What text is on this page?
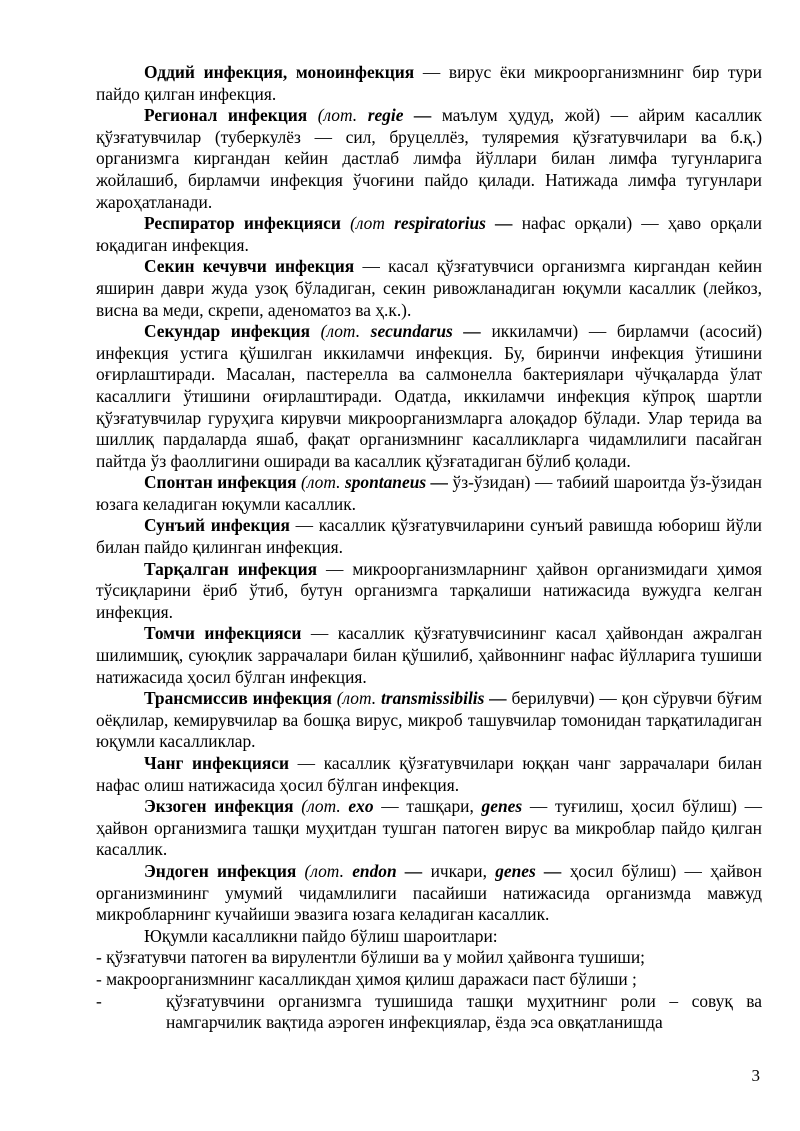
Оддий инфекция, моноинфекция — вирус ёки микроорганизмнинг бир тури пайдо қилган инфекция.

Регионал инфекция (лот. regie — маълум ҳудуд, жой) — айрим касаллик қўзғатувчилар (туберкулёз — сил, бруцеллёз, туляремия қўзғатувчилари ва б.қ.) организмга киргандан кейин дастлаб лимфа йўллари билан лимфа тугунларига жойлашиб, бирламчи инфекция ўчоғини пайдо қилади. Натижада лимфа тугунлари жароҳатланади.

Респиратор инфекцияси (лот respiratorius — нафас орқали) — ҳаво орқали юқадиган инфекция.

Секин кечувчи инфекция — касал қўзғатувчиси организмга киргандан кейин яширин даври жуда узоқ бўладиган, секин ривожланадиган юқумли касаллик (лейкоз, висна ва меди, скрепи, аденоматоз ва ҳ.к.).

Секундар инфекция (лот. secundarus — иккиламчи) — бирламчи (асосий) инфекция устига қўшилган иккиламчи инфекция. Бу, биринчи инфекция ўтишини оғирлаштиради. Масалан, пастерелла ва салмонелла бактериялари чўчқаларда ўлат касаллиги ўтишини оғирлаштиради. Одатда, иккиламчи инфекция кўпроқ шартли қўзғатувчилар гуруҳига кирувчи микроорганизмларга алоқадор бўлади. Улар терида ва шиллиқ пардаларда яшаб, фақат организмнинг касалликларга чидамлилиги пасайган пайтда ўз фаоллигини оширади ва касаллик қўзғатадиган бўлиб қолади.

Спонтан инфекция (лот. spontaneus — ўз-ўзидан) — табиий шароитда ўз-ўзидан юзага келадиган юқумли касаллик.

Сунъий инфекция — касаллик қўзғатувчиларини сунъий равишда юбориш йўли билан пайдо қилинган инфекция.

Тарқалган инфекция — микроорганизмларнинг ҳайвон организмидаги ҳимоя тўсиқларини ёриб ўтиб, бутун организмга тарқалиши натижасида вужудга келган инфекция.

Томчи инфекцияси — касаллик қўзғатувчисининг касал ҳайвондан ажралган шилимшиқ, суюқлик заррачалари билан қўшилиб, ҳайвоннинг нафас йўлларига тушиши натижасида ҳосил бўлган инфекция.

Трансмиссив инфекция (лот. transmissibilis — берилувчи) — қон сўрувчи бўғим оёқлилар, кемирувчилар ва бошқа вирус, микроб ташувчилар томонидан тарқатиладиган юқумли касалликлар.

Чанг инфекцияси — касаллик қўзғатувчилари юққан чанг заррачалари билан нафас олиш натижасида ҳосил бўлган инфекция.

Экзоген инфекция (лот. exo — ташқари, genes — туғилиш, ҳосил бўлиш) — ҳайвон организмига ташқи муҳитдан тушган патоген вирус ва микроблар пайдо қилган касаллик.

Эндоген инфекция (лот. endon — ичкари, genes — ҳосил бўлиш) — ҳайвон организмининг умумий чидамлилиги пасайиши натижасида организмда мавжуд микробларнинг кучайиши эвазига юзага келадиган касаллик.

Юқумли касалликни пайдо бўлиш шароитлари:

- қўзғатувчи патоген ва вирулентли бўлиши ва у мойил ҳайвонга тушиши;

- макроорганизмнинг касалликдан ҳимоя қилиш даражаси паст бўлиши ;

-	қўзғатувчини организмга тушишида ташқи муҳитнинг роли – совуқ ва намгарчилик вақтида аэроген инфекциялар, ёзда эса овқатланишда

3
